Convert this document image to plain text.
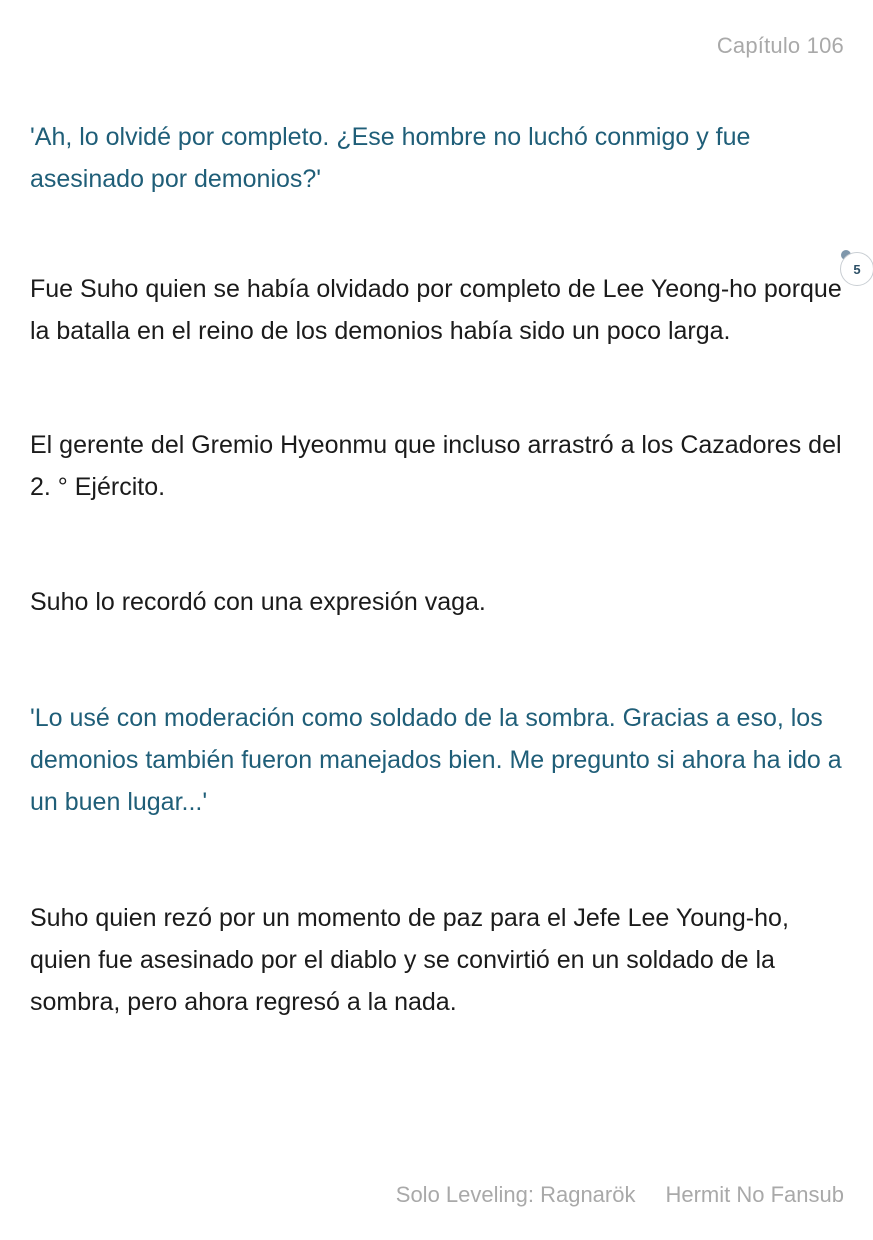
Capítulo 106

'Ah, lo olvidé por completo. ¿Ese hombre no luchó conmigo y fue asesinado por demonios?'

Fue Suho quien se había olvidado por completo de Lee Yeong-ho porque la batalla en el reino de los demonios había sido un poco larga.

El gerente del Gremio Hyeonmu que incluso arrastró a los Cazadores del 2. ° Ejército.

Suho lo recordó con una expresión vaga.

'Lo usé con moderación como soldado de la sombra. Gracias a eso, los demonios también fueron manejados bien. Me pregunto si ahora ha ido a un buen lugar...'

Suho quien rezó por un momento de paz para el Jefe Lee Young-ho, quien fue asesinado por el diablo y se convirtió en un soldado de la sombra, pero ahora regresó a la nada.

5
Solo Leveling: Ragnarök Hermit No Fansub
